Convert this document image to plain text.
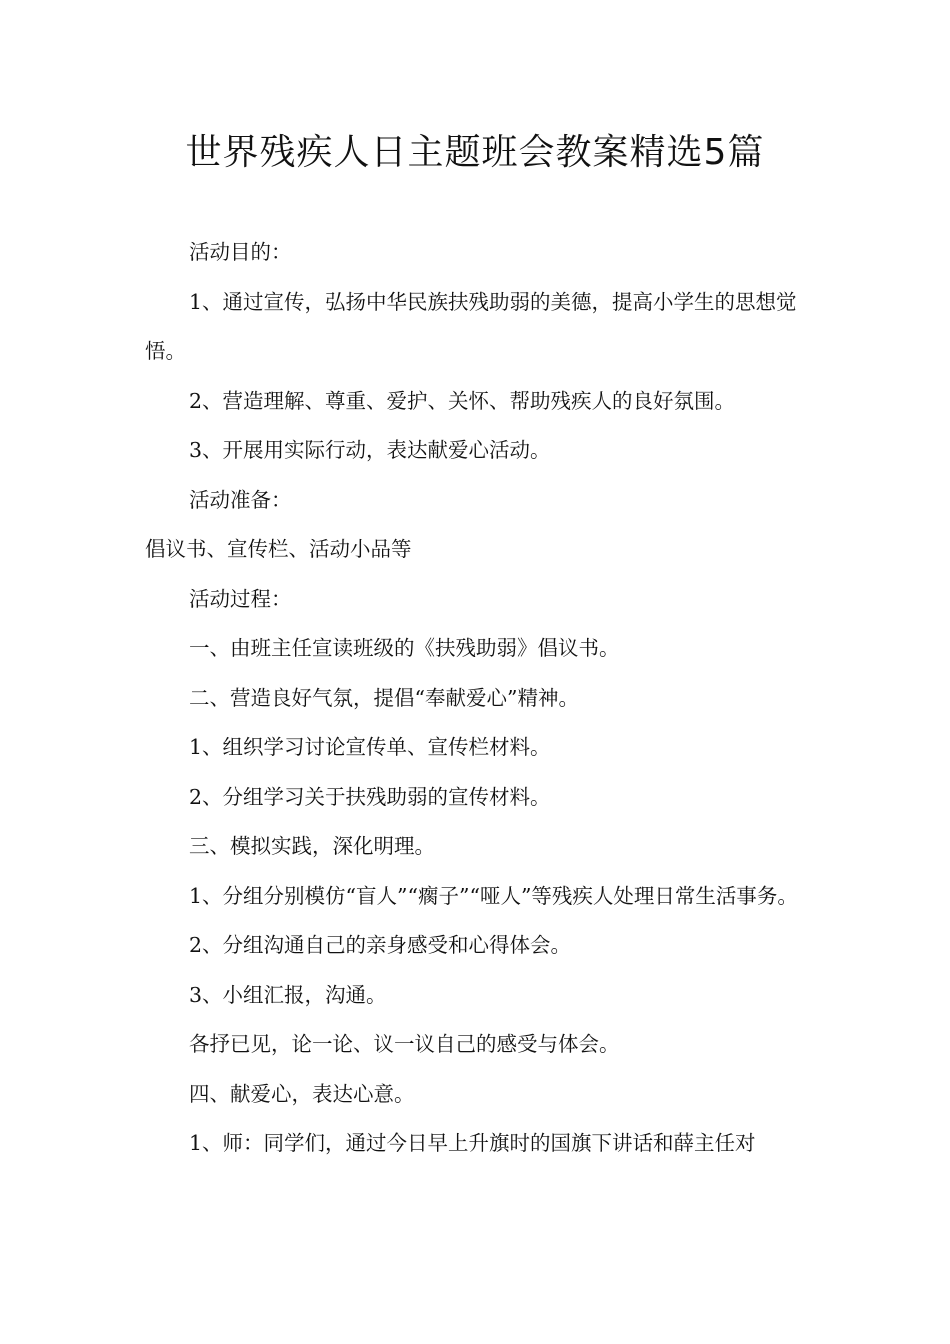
世界残疾人日主题班会教案精选5篇

活动目的：

1、通过宣传，弘扬中华民族扶残助弱的美德，提高小学生的思想觉悟。

2、营造理解、尊重、爱护、关怀、帮助残疾人的良好氛围。

3、开展用实际行动，表达献爱心活动。

活动准备：

倡议书、宣传栏、活动小品等

活动过程：

一、由班主任宣读班级的《扶残助弱》倡议书。

二、营造良好气氛，提倡“奉献爱心”精神。

1、组织学习讨论宣传单、宣传栏材料。

2、分组学习关于扶残助弱的宣传材料。

三、模拟实践，深化明理。

1、分组分别模仿“盲人”“瘸子”“哑人”等残疾人处理日常生活事务。

2、分组沟通自己的亲身感受和心得体会。

3、小组汇报，沟通。

各抒已见，论一论、议一议自己的感受与体会。

四、献爱心，表达心意。

1、师：同学们，通过今日早上升旗时的国旗下讲话和薛主任对
